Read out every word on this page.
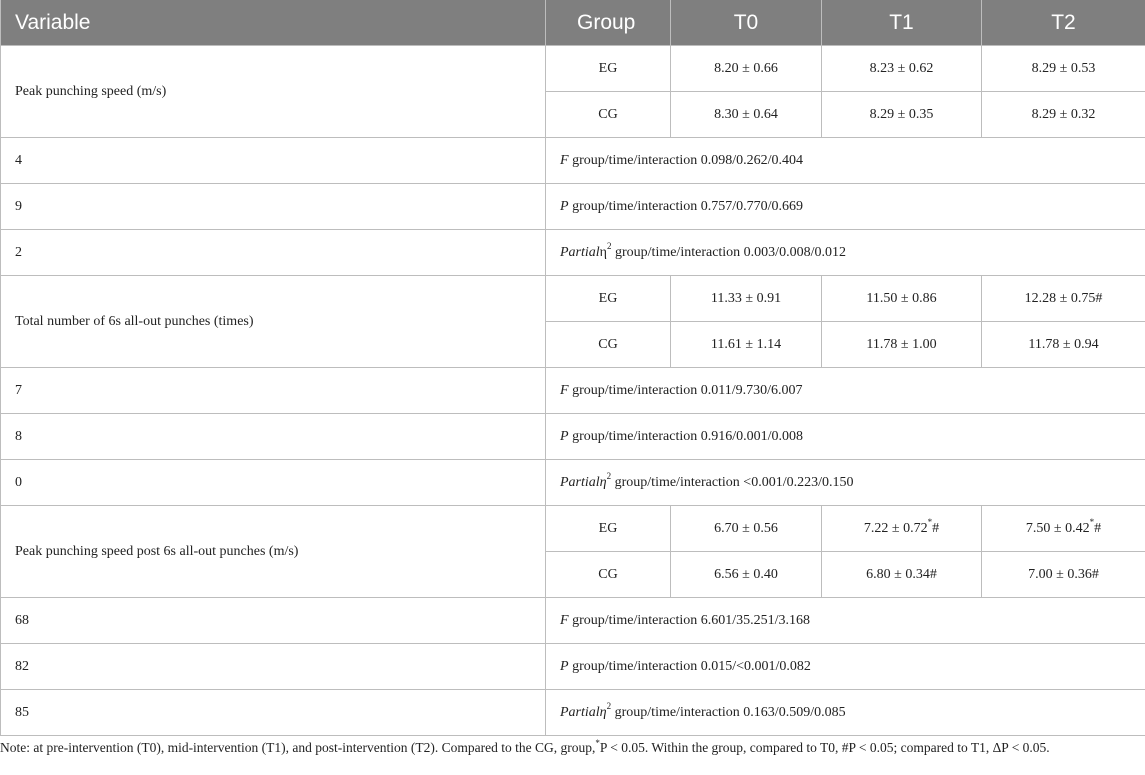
Variable	Group	T0	T1	T2
Peak punching speed (m/s)	EG	8.20 ± 0.66	8.23 ± 0.62	8.29 ± 0.53
	CG	8.30 ± 0.64	8.29 ± 0.35	8.29 ± 0.32
4	F group/time/interaction 0.098/0.262/0.404			
9	P group/time/interaction 0.757/0.770/0.669			
2	Partialη$^2$ group/time/interaction 0.003/0.008/0.012			
Total number of 6s all-out punches (times)	EG	11.33 ± 0.91	11.50 ± 0.86	12.28 ± 0.75#
	CG	11.61 ± 1.14	11.78 ± 1.00	11.78 ± 0.94
7	F group/time/interaction 0.011/9.730/6.007			
8	P group/time/interaction 0.916/0.001/0.008			
0	Partialη$^2$ group/time/interaction <0.001/0.223/0.150			
Peak punching speed post 6s all-out punches (m/s)	EG	6.70 ± 0.56	7.22 ± 0.72*#	7.50 ± 0.42*#
	CG	6.56 ± 0.40	6.80 ± 0.34#	7.00 ± 0.36#
68	F group/time/interaction 6.601/35.251/3.168			
82	P group/time/interaction 0.015/<0.001/0.082			
85	Partialη$^2$ group/time/interaction 0.163/0.509/0.085			
Note: at pre-intervention (T0), mid-intervention (T1), and post-intervention (T2). Compared to the CG, group,*P < 0.05. Within the group, compared to T0, #P < 0.05; compared to T1, ΔP < 0.05.
